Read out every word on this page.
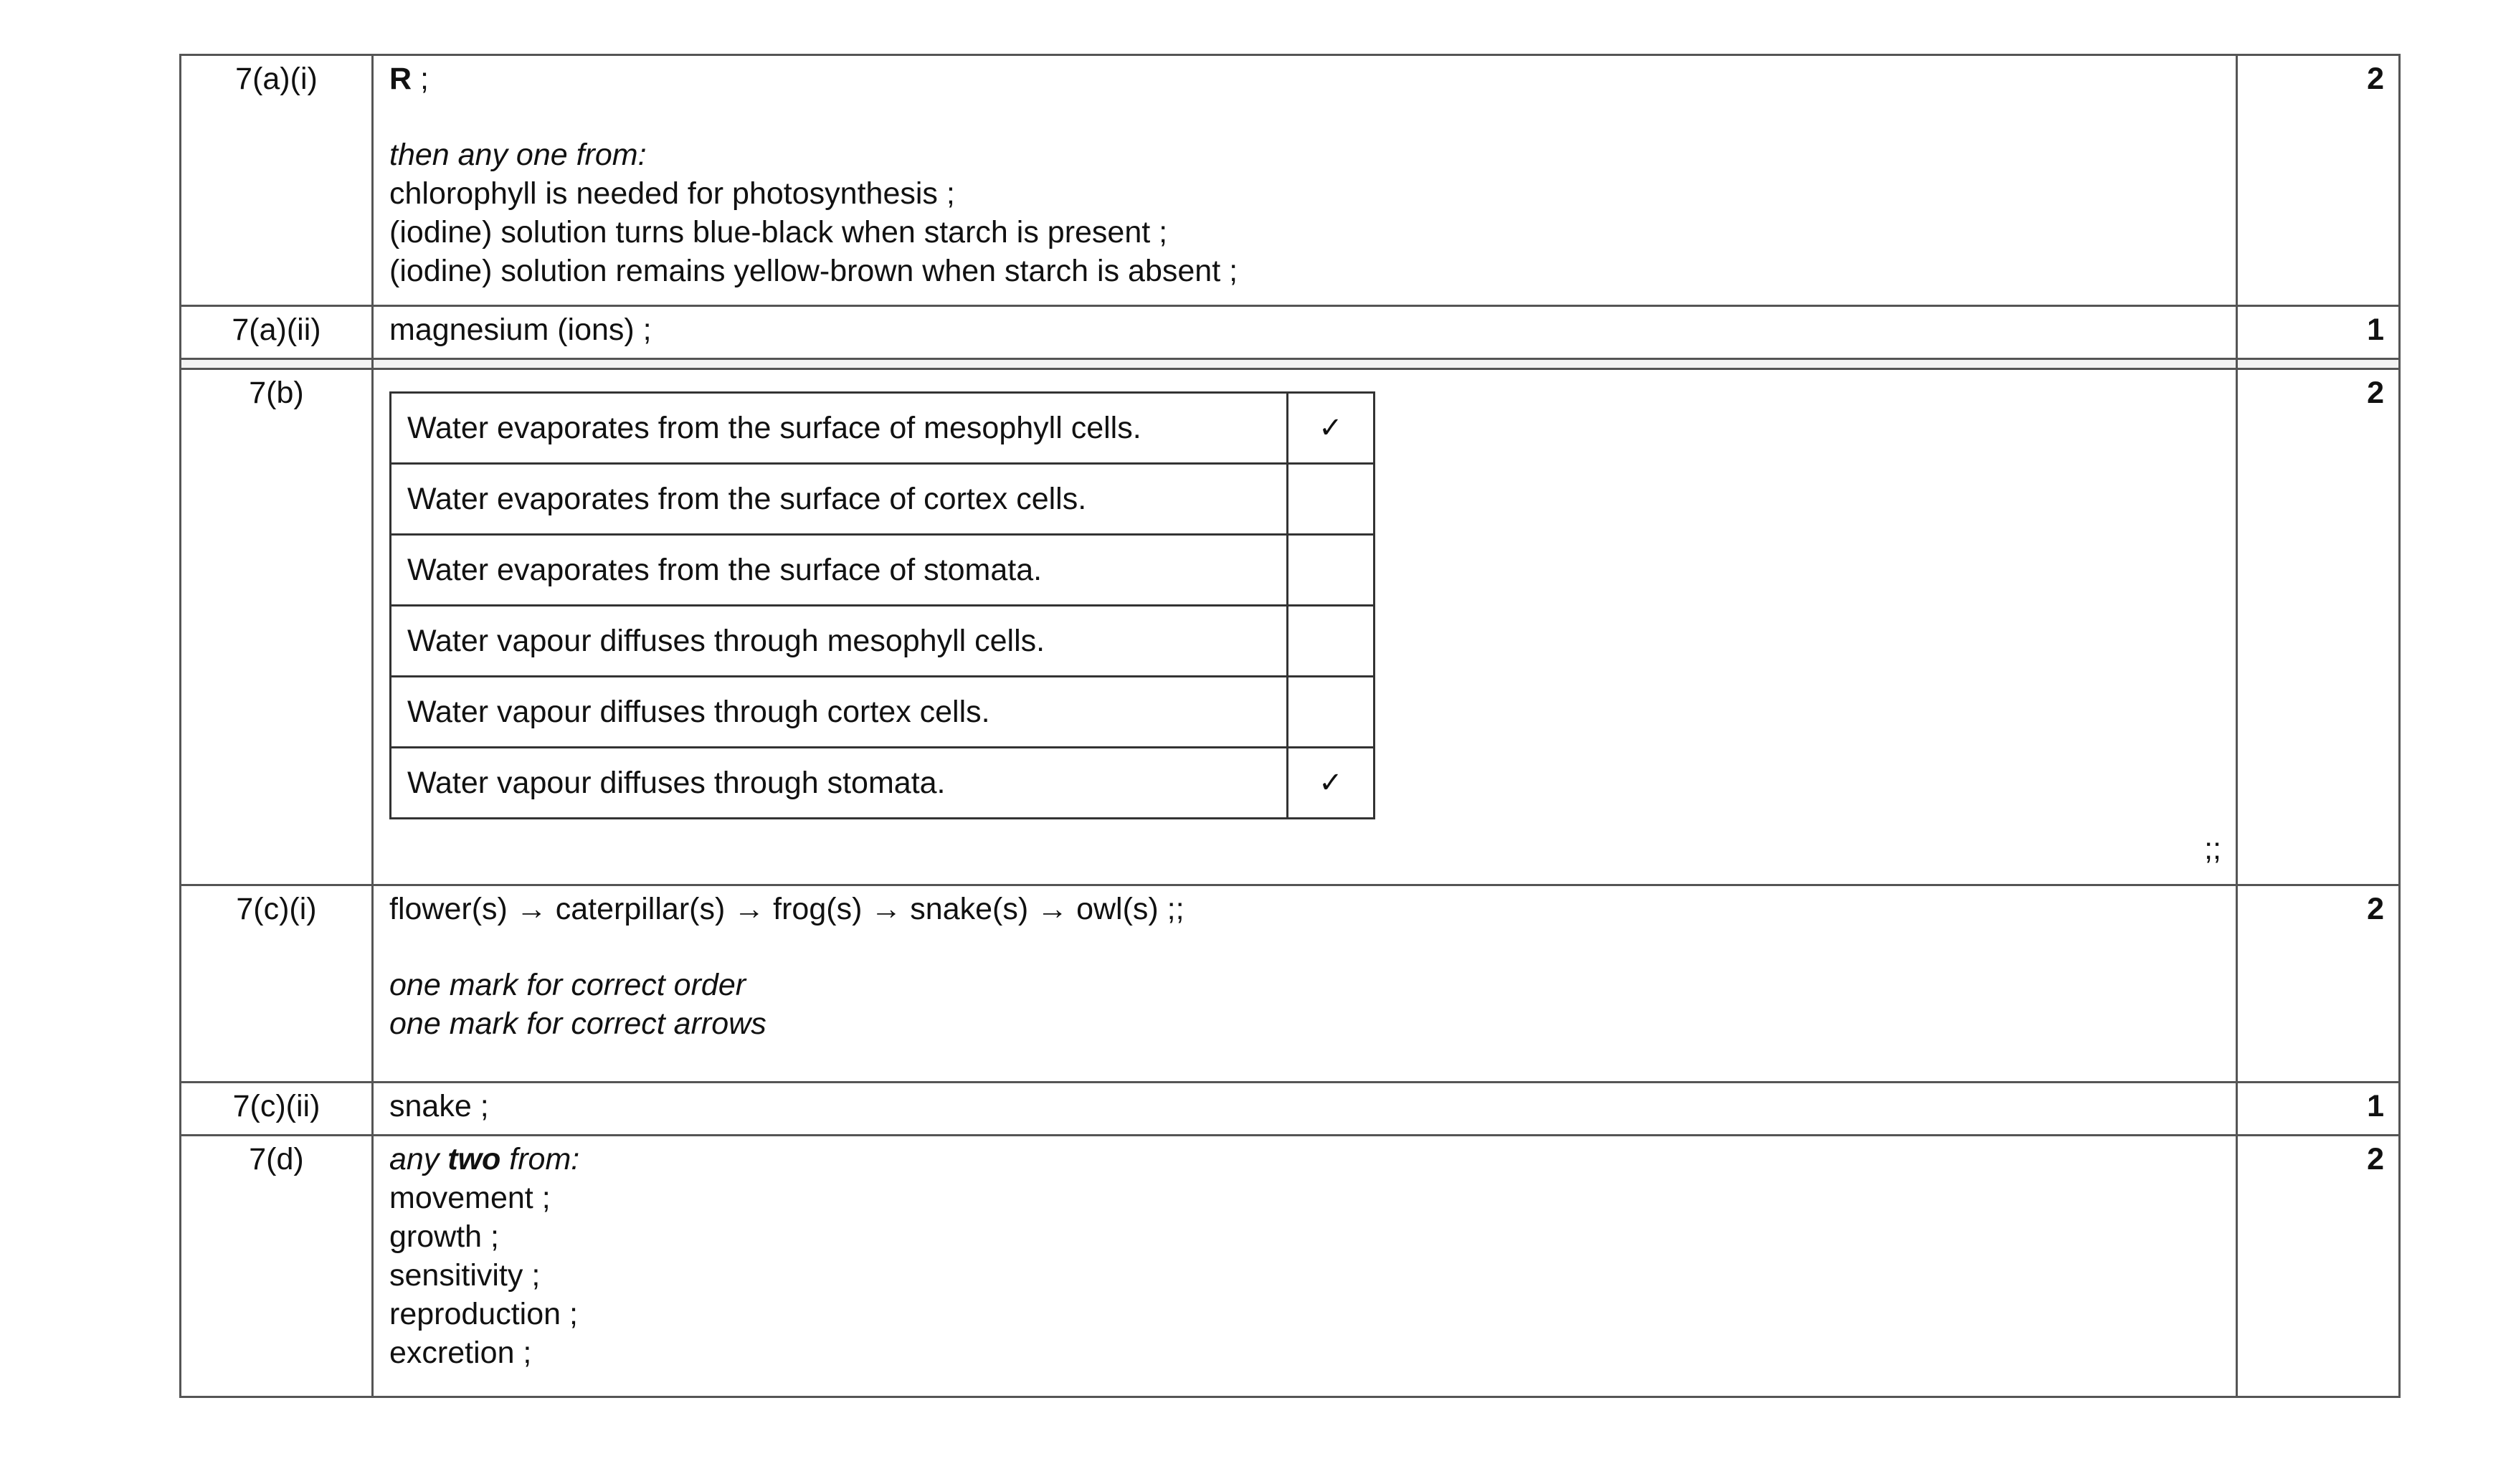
7(a)(i)	R ;
then any one from:
chlorophyll is needed for photosynthesis ;
(iodine) solution turns blue-black when starch is present ;
(iodine) solution remains yellow-brown when starch is absent ;
	2
7(a)(ii)	magnesium (ions) ;	1

7(b)	
Water evaporates from the surface of mesophyll cells.	✓
Water evaporates from the surface of cortex cells.	
Water evaporates from the surface of stomata.	
Water vapour diffuses through mesophyll cells.	
Water vapour diffuses through cortex cells.	
Water vapour diffuses through stomata.	✓
;;
	2
7(c)(i)	flower(s) → caterpillar(s) → frog(s) → snake(s) → owl(s) ;;
one mark for correct order
one mark for correct arrows
	2
7(c)(ii)	snake ;	1
7(d)	any two from:
movement ;
growth ;
sensitivity ;
reproduction ;
excretion ;
	2
